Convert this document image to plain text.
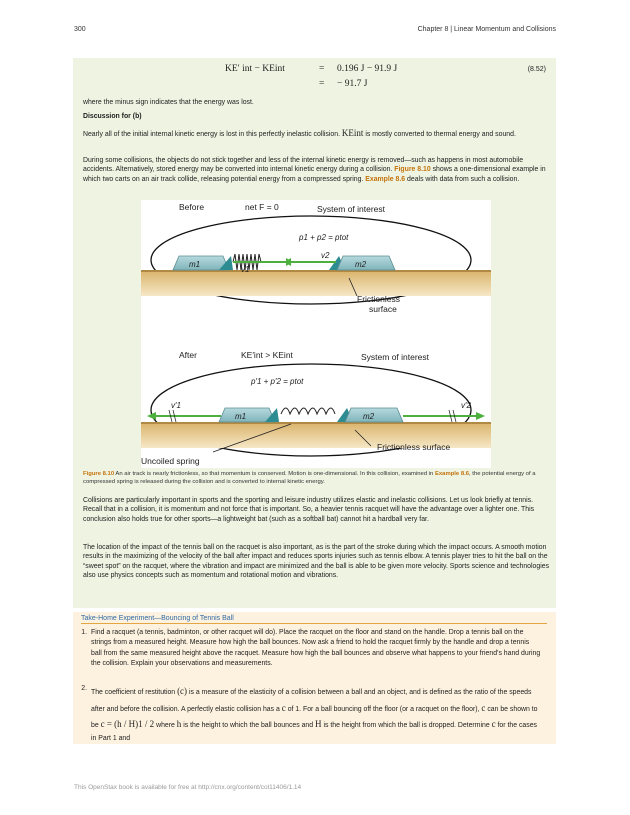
300	Chapter 8 | Linear Momentum and Collisions
KE′ int − KEint	= 0.196 J − 91.9 J
= − 91.7 J
(8.52)

where the minus sign indicates that the energy was lost.

Discussion for (b)

Nearly all of the initial internal kinetic energy is lost in this perfectly inelastic collision. KEint is mostly converted to thermal energy and sound.

During some collisions, the objects do not stick together and less of the internal kinetic energy is removed—such as happens in most automobile accidents. Alternatively, stored energy may be converted into internal kinetic energy during a collision. Figure 8.10 shows a one-dimensional example in which two carts on an air track collide, releasing potential energy from a compressed spring. Example 8.6 deals with data from such a collision.

Before	net F = 0	System of interest
p1 + p2 = ptot
m1	m2
v1
v2
Frictionless
surface
After	KE′int > KEint	System of interest
p′1 + p′2 = ptot
v′1
m1	m2
v′2
Frictionless surface
Uncoiled spring
Figure 8.10 An air track is nearly frictionless, so that momentum is conserved. Motion is one-dimensional. In this collision, examined in Example 8.6, the potential energy of a compressed spring is released during the collision and is converted to internal kinetic energy.

Collisions are particularly important in sports and the sporting and leisure industry utilizes elastic and inelastic collisions. Let us look briefly at tennis. Recall that in a collision, it is momentum and not force that is important. So, a heavier tennis racquet will have the advantage over a lighter one. This conclusion also holds true for other sports—a lightweight bat (such as a softball bat) cannot hit a hardball very far.

The location of the impact of the tennis ball on the racquet is also important, as is the part of the stroke during which the impact occurs. A smooth motion results in the maximizing of the velocity of the ball after impact and reduces sports injuries such as tennis elbow. A tennis player tries to hit the ball on the “sweet spot” on the racquet, where the vibration and impact are minimized and the ball is able to be given more velocity. Sports science and technologies also use physics concepts such as momentum and rotational motion and vibrations.

Take-Home Experiment—Bouncing of Tennis Ball
1. Find a racquet (a tennis, badminton, or other racquet will do). Place the racquet on the floor and stand on the handle. Drop a tennis ball on the strings from a measured height. Measure how high the ball bounces. Now ask a friend to hold the racquet firmly by the handle and drop a tennis ball from the same measured height above the racquet. Measure how high the ball bounces and observe what happens to your friend’s hand during the collision. Explain your observations and measurements.
2.
The coefficient of restitution (c) is a measure of the elasticity of a collision between a ball and an object, and is defined as the ratio of the speeds after and before the collision. A perfectly elastic collision has a c of 1. For a ball bouncing off the floor (or a racquet on the floor), c can be shown to be c = (h / H)1 / 2 where h is the height to which the ball bounces and H is the height from which the ball is dropped. Determine c for the cases in Part 1 and
This OpenStax book is available for free at http://cnx.org/content/col11406/1.14
